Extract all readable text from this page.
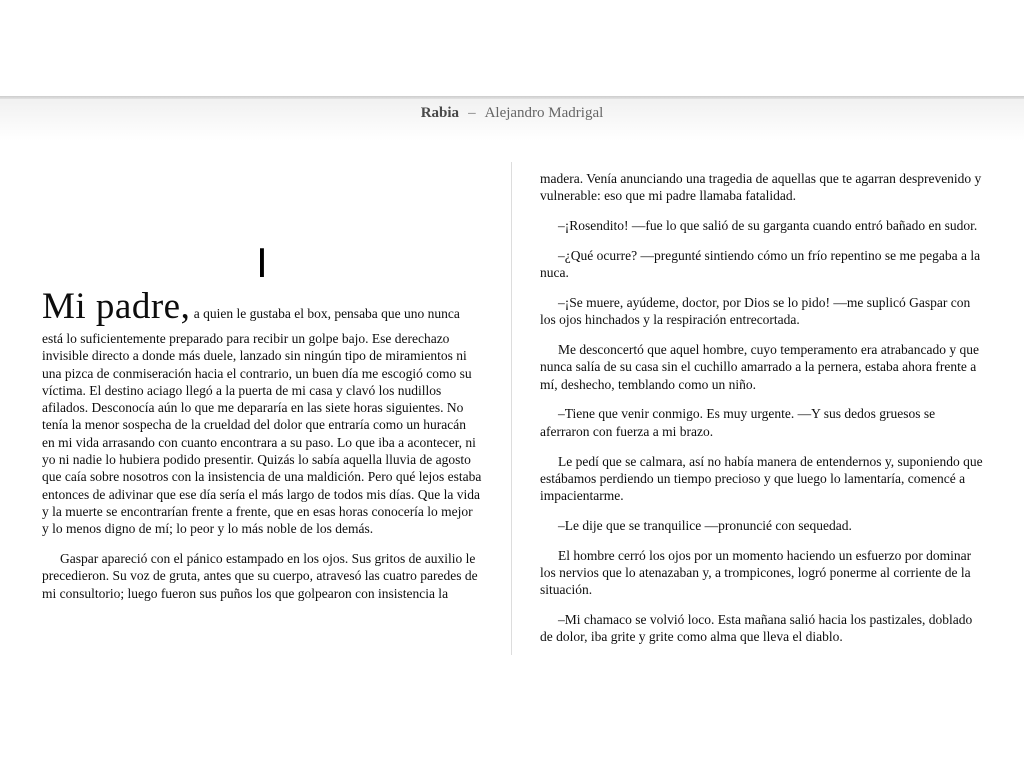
Rabia – Alejandro Madrigal
I

Mi padre, a quien le gustaba el box, pensaba que uno nunca está lo suficientemente preparado para recibir un golpe bajo. Ese derechazo invisible directo a donde más duele, lanzado sin ningún tipo de miramientos ni una pizca de conmiseración hacia el contrario, un buen día me escogió como su víctima. El destino aciago llegó a la puerta de mi casa y clavó los nudillos afilados. Desconocía aún lo que me depararía en las siete horas siguientes. No tenía la menor sospecha de la crueldad del dolor que entraría como un huracán en mi vida arrasando con cuanto encontrara a su paso. Lo que iba a acontecer, ni yo ni nadie lo hubiera podido presentir. Quizás lo sabía aquella lluvia de agosto que caía sobre nosotros con la insistencia de una maldición. Pero qué lejos estaba entonces de adivinar que ese día sería el más largo de todos mis días. Que la vida y la muerte se encontrarían frente a frente, que en esas horas conocería lo mejor y lo menos digno de mí; lo peor y lo más noble de los demás.

Gaspar apareció con el pánico estampado en los ojos. Sus gritos de auxilio le precedieron. Su voz de gruta, antes que su cuerpo, atravesó las cuatro paredes de mi consultorio; luego fueron sus puños los que golpearon con insistencia la

madera. Venía anunciando una tragedia de aquellas que te agarran desprevenido y vulnerable: eso que mi padre llamaba fatalidad.

–¡Rosendito! —fue lo que salió de su garganta cuando entró bañado en sudor.

–¿Qué ocurre? —pregunté sintiendo cómo un frío repentino se me pegaba a la nuca.

–¡Se muere, ayúdeme, doctor, por Dios se lo pido! —me suplicó Gaspar con los ojos hinchados y la respiración entrecortada.

Me desconcertó que aquel hombre, cuyo temperamento era atrabancado y que nunca salía de su casa sin el cuchillo amarrado a la pernera, estaba ahora frente a mí, deshecho, temblando como un niño.

–Tiene que venir conmigo. Es muy urgente. —Y sus dedos gruesos se aferraron con fuerza a mi brazo.

Le pedí que se calmara, así no había manera de entendernos y, suponiendo que estábamos perdiendo un tiempo precioso y que luego lo lamentaría, comencé a impacientarme.

–Le dije que se tranquilice —pronuncié con sequedad.

El hombre cerró los ojos por un momento haciendo un esfuerzo por dominar los nervios que lo atenazaban y, a trompicones, logró ponerme al corriente de la situación.

–Mi chamaco se volvió loco. Esta mañana salió hacia los pastizales, doblado de dolor, iba grite y grite como alma que lleva el diablo.
